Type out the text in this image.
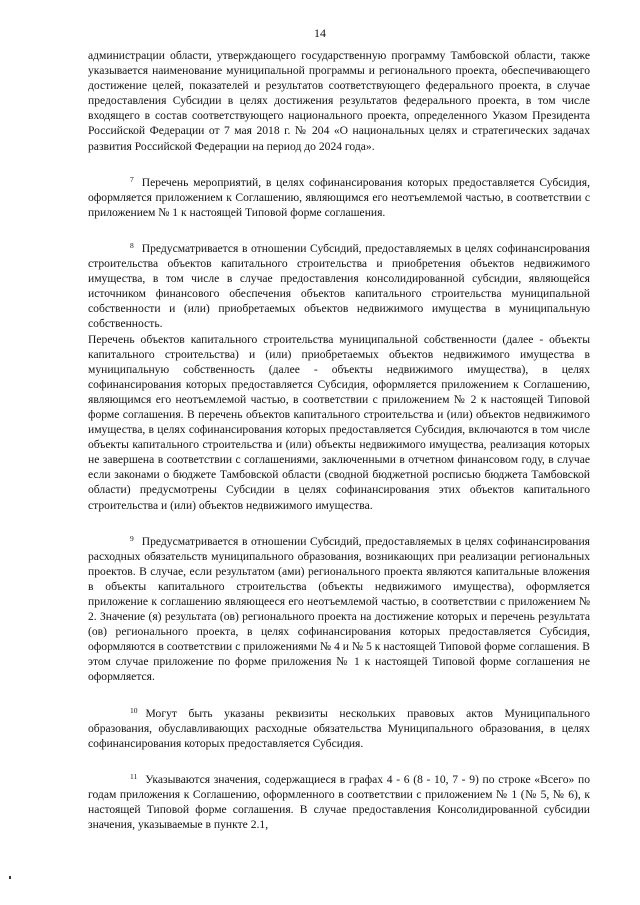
14

администрации области, утверждающего государственную программу Тамбовской области, также указывается наименование муниципальной программы и регионального проекта, обеспечивающего достижение целей, показателей и результатов соответствующего федерального проекта, в случае предоставления Субсидии в целях достижения результатов федерального проекта, в том числе входящего в состав соответствующего национального проекта, определенного Указом Президента Российской Федерации от 7 мая 2018 г. № 204 «О национальных целях и стратегических задачах развития Российской Федерации на период до 2024 года».

$^7$ Перечень мероприятий, в целях софинансирования которых предоставляется Субсидия, оформляется приложением к Соглашению, являющимся его неотъемлемой частью, в соответствии с приложением № 1 к настоящей Типовой форме соглашения.

$^8$ Предусматривается в отношении Субсидий, предоставляемых в целях софинансирования строительства объектов капитального строительства и приобретения объектов недвижимого имущества, в том числе в случае предоставления консолидированной субсидии, являющейся источником финансового обеспечения объектов капитального строительства муниципальной собственности и (или) приобретаемых объектов недвижимого имущества в муниципальную собственность.
Перечень объектов капитального строительства муниципальной собственности (далее - объекты капитального строительства) и (или) приобретаемых объектов недвижимого имущества в муниципальную собственность (далее - объекты недвижимого имущества), в целях софинансирования которых предоставляется Субсидия, оформляется приложением к Соглашению, являющимся его неотъемлемой частью, в соответствии с приложением № 2 к настоящей Типовой форме соглашения. В перечень объектов капитального строительства и (или) объектов недвижимого имущества, в целях софинансирования которых предоставляется Субсидия, включаются в том числе объекты капитального строительства и (или) объекты недвижимого имущества, реализация которых не завершена в соответствии с соглашениями, заключенными в отчетном финансовом году, в случае если законами о бюджете Тамбовской области (сводной бюджетной росписью бюджета Тамбовской области) предусмотрены Субсидии в целях софинансирования этих объектов капитального строительства и (или) объектов недвижимого имущества.

$^9$ Предусматривается в отношении Субсидий, предоставляемых в целях софинансирования расходных обязательств муниципального образования, возникающих при реализации региональных проектов. В случае, если результатом (ами) регионального проекта являются капитальные вложения в объекты капитального строительства (объекты недвижимого имущества), оформляется приложение к соглашению являющееся его неотъемлемой частью, в соответствии с приложением № 2. Значение (я) результата (ов) регионального проекта на достижение которых и перечень результата (ов) регионального проекта, в целях софинансирования которых предоставляется Субсидия, оформляются в соответствии с приложениями № 4 и № 5 к настоящей Типовой форме соглашения. В этом случае приложение по форме приложения № 1 к настоящей Типовой форме соглашения не оформляется.

$^{10}$ Могут быть указаны реквизиты нескольких правовых актов Муниципального образования, обуславливающих расходные обязательства Муниципального образования, в целях софинансирования которых предоставляется Субсидия.

$^{11}$ Указываются значения, содержащиеся в графах 4 - 6 (8 - 10, 7 - 9) по строке «Всего» по годам приложения к Соглашению, оформленного в соответствии с приложением № 1 (№ 5, № 6), к настоящей Типовой форме соглашения. В случае предоставления Консолидированной субсидии значения, указываемые в пункте 2.1,
